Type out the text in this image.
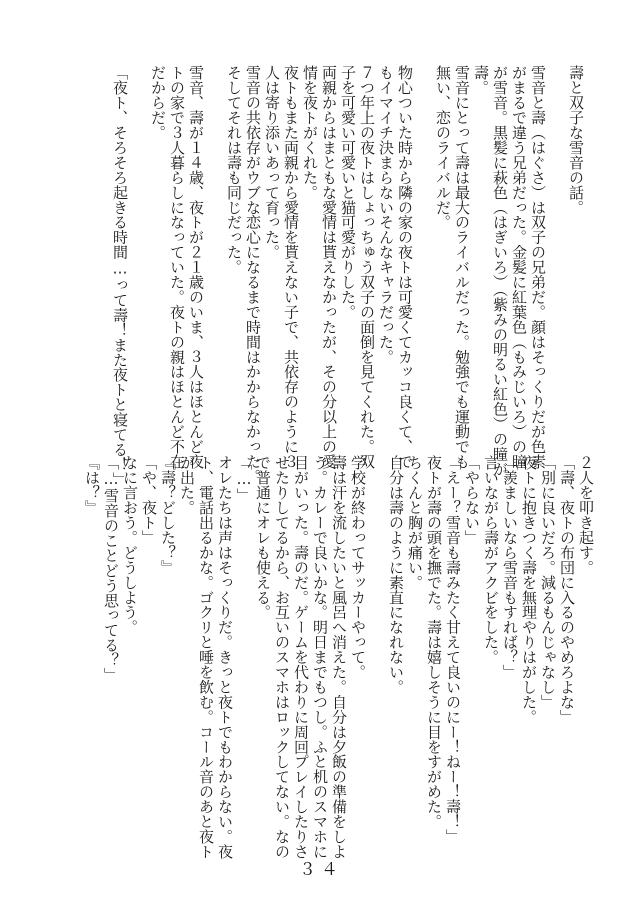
壽と双子な雪音の話。
雪音と壽（はぐさ）は双子の兄弟だ。顔はそっくりだが色素
がまるで違う兄弟だった。金髪に紅葉色（もみじいろ）の瞳
が雪音。黒髪に萩色（はぎいろ）（紫みの明るい紅色）の瞳が
壽。
雪音にとって壽は最大のライバルだった。勉強でも運動でも
無い、恋のライバルだ。
物心ついた時から隣の家の夜トは可愛くてカッコ良くて、で
もイマイチ決まらないそんなキャラだった。
７つ年上の夜トはしょっちゅう双子の面倒を見てくれた。双
子を可愛い可愛いと猫可愛がりした。
両親からはまともな愛情は貰えなかったが、その分以上の愛
情を夜トがくれた。
夜トもまた両親から愛情を貰えない子で、共依存のように３
人は寄り添いあって育った。
雪音の共依存がウブな恋心になるまで時間はかからなかった。
そしてそれは壽も同じだった。
雪音、壽が１４歳、夜トが２１歳のいま、３人はほとんど夜
トの家で３人暮らしになっていた。夜トの親はほとんど不在
だからだ。
「夜ト、そろそろ起きる時間…って壽！また夜トと寝てる！」
２人を叩き起す。
「壽、夜トの布団に入るのやめろよな」
「別に良いだろ。減るもんじゃなし」
夜トに抱きつく壽を無理やりはがした。
「羨ましいなら雪音もすれば？」
言いながら壽がアクビをした。
「やらない」
「えー？雪音も壽みたく甘えて良いのにー！ねー！壽！」
夜トが壽の頭を撫でた。壽は嬉しそうに目をすがめた。
ちくんと胸が痛い。
自分は壽のように素直になれない。
学校が終わってサッカーやって。
壽は汗を流したいと風呂へ消えた。自分は夕飯の準備をしよ
う。カレーで良いかな。明日までもつし。ふと机のスマホに
目がいった。壽のだ。ゲームを代わりに周回プレイしたりさ
せたりしてるから、お互いのスマホはロックしてない。なの
で普通にオレも使える。
「…」
オレたちは声はそっくりだ。きっと夜トでもわからない。夜
ト、電話出るかな。ゴクリと唾を飲む。コール音のあと夜ト
が出た。
『壽？どした？』
「や、夜ト」
なに言おう。どうしよう。
「…雪音のことどう思ってる？」
『は？』
３４
